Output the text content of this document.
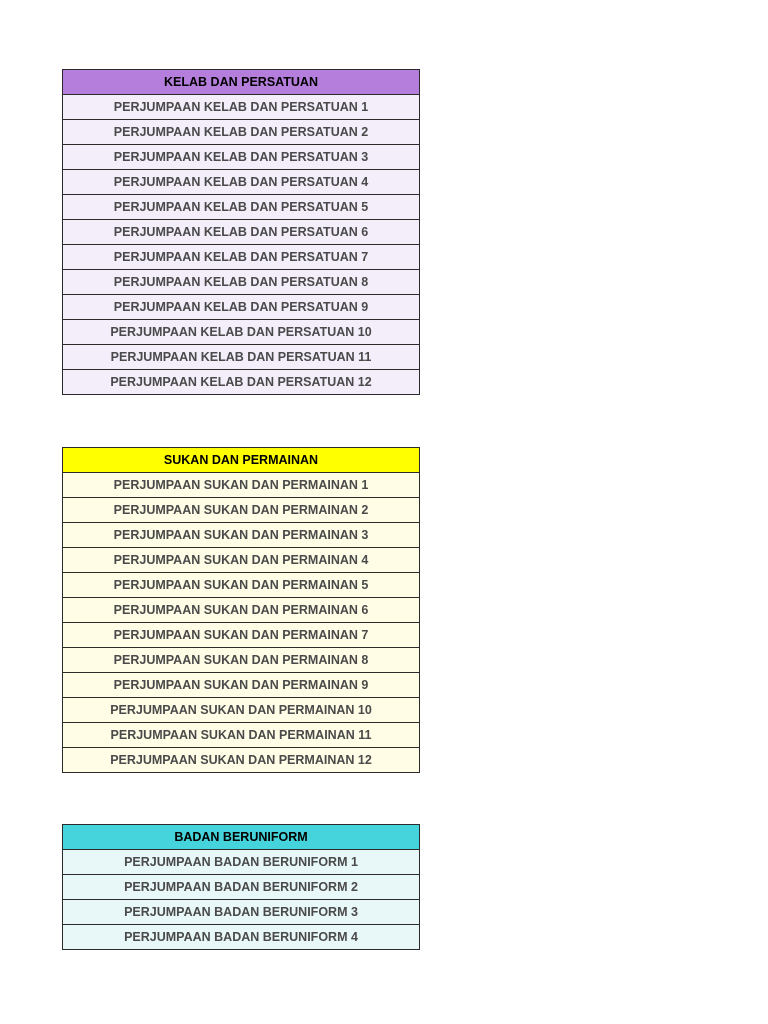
KELAB DAN PERSATUAN
PERJUMPAAN KELAB DAN PERSATUAN 1
PERJUMPAAN KELAB DAN PERSATUAN 2
PERJUMPAAN KELAB DAN PERSATUAN 3
PERJUMPAAN KELAB DAN PERSATUAN 4
PERJUMPAAN KELAB DAN PERSATUAN 5
PERJUMPAAN KELAB DAN PERSATUAN 6
PERJUMPAAN KELAB DAN PERSATUAN 7
PERJUMPAAN KELAB DAN PERSATUAN 8
PERJUMPAAN KELAB DAN PERSATUAN 9
PERJUMPAAN KELAB DAN PERSATUAN 10
PERJUMPAAN KELAB DAN PERSATUAN 11
PERJUMPAAN KELAB DAN PERSATUAN 12
SUKAN DAN PERMAINAN
PERJUMPAAN SUKAN DAN PERMAINAN 1
PERJUMPAAN SUKAN DAN PERMAINAN 2
PERJUMPAAN SUKAN DAN PERMAINAN 3
PERJUMPAAN SUKAN DAN PERMAINAN 4
PERJUMPAAN SUKAN DAN PERMAINAN 5
PERJUMPAAN SUKAN DAN PERMAINAN 6
PERJUMPAAN SUKAN DAN PERMAINAN 7
PERJUMPAAN SUKAN DAN PERMAINAN 8
PERJUMPAAN SUKAN DAN PERMAINAN 9
PERJUMPAAN SUKAN DAN PERMAINAN 10
PERJUMPAAN SUKAN DAN PERMAINAN 11
PERJUMPAAN SUKAN DAN PERMAINAN 12
BADAN BERUNIFORM
PERJUMPAAN BADAN BERUNIFORM 1
PERJUMPAAN BADAN BERUNIFORM 2
PERJUMPAAN BADAN BERUNIFORM 3
PERJUMPAAN BADAN BERUNIFORM 4
